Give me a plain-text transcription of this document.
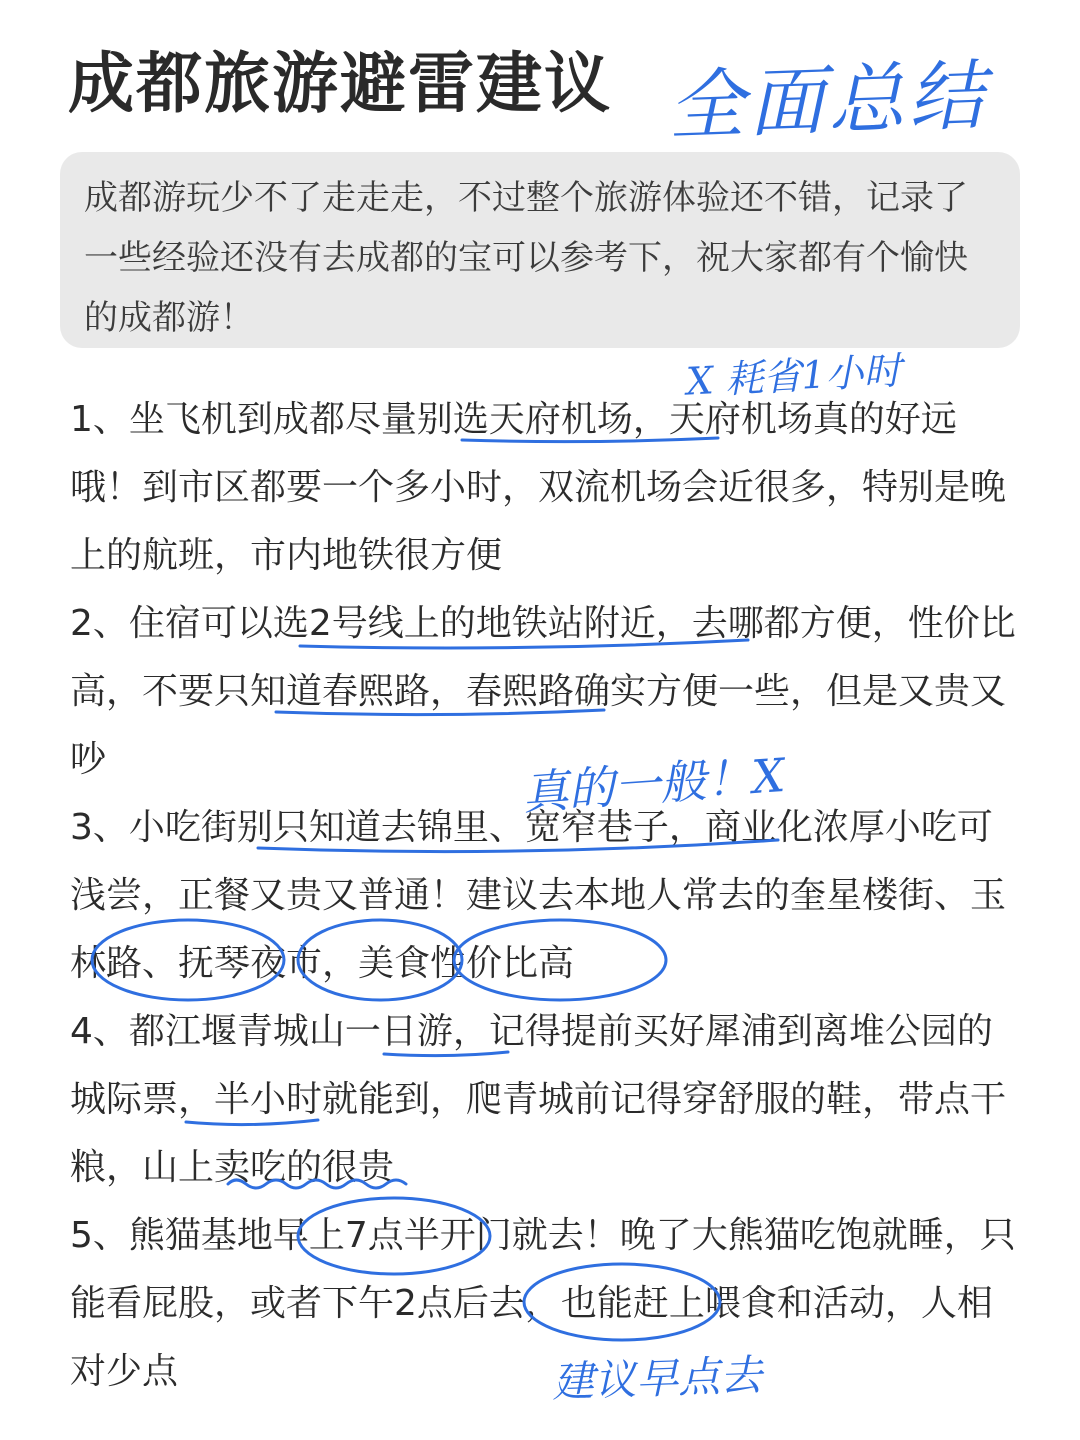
成都旅游避雷建议 全面总结
成都游玩少不了走走走，不过整个旅游体验还不错，记录了一些经验还没有去成都的宝可以参考下，祝大家都有个愉快的成都游！
1、坐飞机到成都尽量别选天府机场，天府机场真的好远哦！到市区都要一个多小时，双流机场会近很多，特别是晚上的航班，市内地铁很方便
2、住宿可以选2号线上的地铁站附近，去哪都方便，性价比高，不要只知道春熙路，春熙路确实方便一些，但是又贵又吵
3、小吃街别只知道去锦里、宽窄巷子，商业化浓厚小吃可浅尝，正餐又贵又普通！建议去本地人常去的奎星楼街、玉林路、抚琴夜市，美食性价比高
4、都江堰青城山一日游，记得提前买好犀浦到离堆公园的城际票，半小时就能到，爬青城前记得穿舒服的鞋，带点干粮，山上卖吃的很贵
5、熊猫基地早上7点半开门就去！晚了大熊猫吃饱就睡，只能看屁股，或者下午2点后去，也能赶上喂食和活动，人相对少点
X 耗省1小时
真的一般！X
建议早点去
